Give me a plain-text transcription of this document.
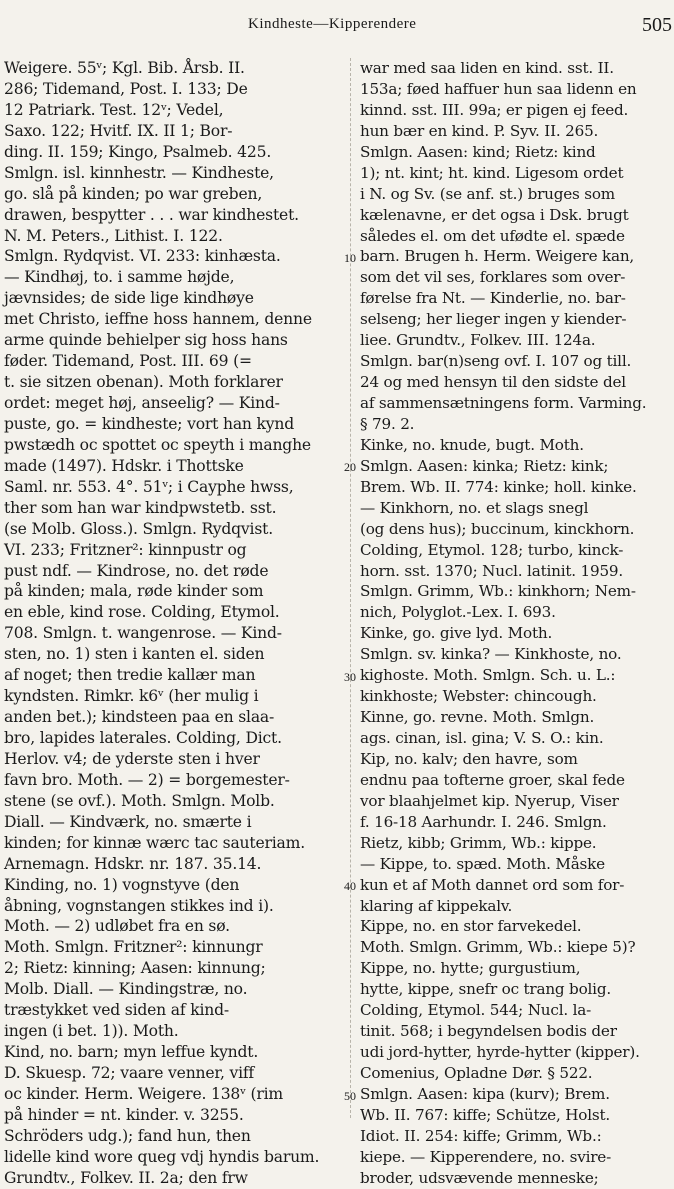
Kindheste—Kipperendere	505
Weigere. 55ᵛ; Kgl. Bib. Årsb. II.
286; Tidemand, Post. I. 133; De
12 Patriark. Test. 12ᵛ; Vedel,
Saxo. 122; Hvitf. IX. II 1; Bor-
ding. II. 159; Kingo, Psalmeb. 425.
Smlgn. isl. kinnhestr. — Kindheste,
go. slå på kinden; po war greben,
drawen, bespytter . . . war kindhestet.
N. M. Peters., Lithist. I. 122.
Smlgn. Rydqvist. VI. 233: kinhæsta.
— Kindhøj, to. i samme højde,
jævnsides; de side lige kindhøye
met Christo, ieffne hoss hannem, denne
arme quinde behielper sig hoss hans
føder. Tidemand, Post. III. 69 (=
t. sie sitzen obenan). Moth forklarer
ordet: meget høj, anseelig? — Kind-
puste, go. = kindheste; vort han kynd
pwstædh oc spottet oc speyth i manghe
made (1497). Hdskr. i Thottske
Saml. nr. 553. 4°. 51ᵛ; i Cayphe hwss,
ther som han war kindpwstetb. sst.
(se Molb. Gloss.). Smlgn. Rydqvist.
VI. 233; Fritzner²: kinnpustr og
pust ndf. — Kindrose, no. det røde
på kinden; mala, røde kinder som
en eble, kind rose. Colding, Etymol.
708. Smlgn. t. wangenrose. — Kind-
sten, no. 1) sten i kanten el. siden
af noget; then tredie kallær man
kyndsten. Rimkr. k6ᵛ (her mulig i
anden bet.); kindsteen paa en slaa-
bro, lapides laterales. Colding, Dict.
Herlov. v4; de yderste sten i hver
favn bro. Moth. — 2) = borgemester-
stene (se ovf.). Moth. Smlgn. Molb.
Diall. — Kindværk, no. smærte i
kinden; for kinnæ wærc tac sauteriam.
Arnemagn. Hdskr. nr. 187. 35.14.
Kinding, no. 1) vognstyve (den
åbning, vognstangen stikkes ind i).
Moth. — 2) udløbet fra en sø.
Moth. Smlgn. Fritzner²: kinnungr
2; Rietz: kinning; Aasen: kinnung;
Molb. Diall. — Kindingstræ, no.
træstykket ved siden af kind-
ingen (i bet. 1)). Moth.
Kind, no. barn; myn leffue kyndt.
D. Skuesp. 72; vaare venner, viff
oc kinder. Herm. Weigere. 138ᵛ (rim
på hinder = nt. kinder. v. 3255.
Schröders udg.); fand hun, then
lidelle kind wore queg vdj hyndis barum.
Grundtv., Folkev. II. 2a; den frw
war med saa liden en kind. sst. II.
153a; føed haffuer hun saa lidenn en
kinnd. sst. III. 99a; er pigen ej feed.
hun bær en kind. P. Syv. II. 265.
Smlgn. Aasen: kind; Rietz: kind
1); nt. kint; ht. kind. Ligesom ordet
i N. og Sv. (se anf. st.) bruges som
kælenavne, er det ogsa i Dsk. brugt
således el. om det ufødte el. spæde
barn. Brugen h. Herm. Weigere kan,
som det vil ses, forklares som over-
førelse fra Nt. — Kinderlie, no. bar-
selseng; her lieger ingen y kiender-
liee. Grundtv., Folkev. III. 124a.
Smlgn. bar(n)seng ovf. I. 107 og till.
24 og med hensyn til den sidste del
af sammensætningens form. Varming.
§ 79. 2.
Kinke, no. knude, bugt. Moth.
Smlgn. Aasen: kinka; Rietz: kink;
Brem. Wb. II. 774: kinke; holl. kinke.
— Kinkhorn, no. et slags snegl
(og dens hus); buccinum, kinckhorn.
Colding, Etymol. 128; turbo, kinck-
horn. sst. 1370; Nucl. latinit. 1959.
Smlgn. Grimm, Wb.: kinkhorn; Nem-
nich, Polyglot.-Lex. I. 693.
Kinke, go. give lyd. Moth.
Smlgn. sv. kinka? — Kinkhoste, no.
kighoste. Moth. Smlgn. Sch. u. L.:
kinkhoste; Webster: chincough.
Kinne, go. revne. Moth. Smlgn.
ags. cinan, isl. gina; V. S. O.: kin.
Kip, no. kalv; den havre, som
endnu paa tofterne groer, skal fede
vor blaahjelmet kip. Nyerup, Viser
f. 16-18 Aarhundr. I. 246. Smlgn.
Rietz, kibb; Grimm, Wb.: kippe.
— Kippe, to. spæd. Moth. Måske
kun et af Moth dannet ord som for-
klaring af kippekalv.
Kippe, no. en stor farvekedel.
Moth. Smlgn. Grimm, Wb.: kiepe 5)?
Kippe, no. hytte; gurgustium,
hytte, kippe, snefr oc trang bolig.
Colding, Etymol. 544; Nucl. la-
tinit. 568; i begyndelsen bodis der
udi jord-hytter, hyrde-hytter (kipper).
Comenius, Opladne Dør. § 522.
Smlgn. Aasen: kipa (kurv); Brem.
Wb. II. 767: kiffe; Schütze, Holst.
Idiot. II. 254: kiffe; Grimm, Wb.:
kiepe. — Kipperendere, no. svire-
broder, udsvævende menneske;
10
20
30
40
50
